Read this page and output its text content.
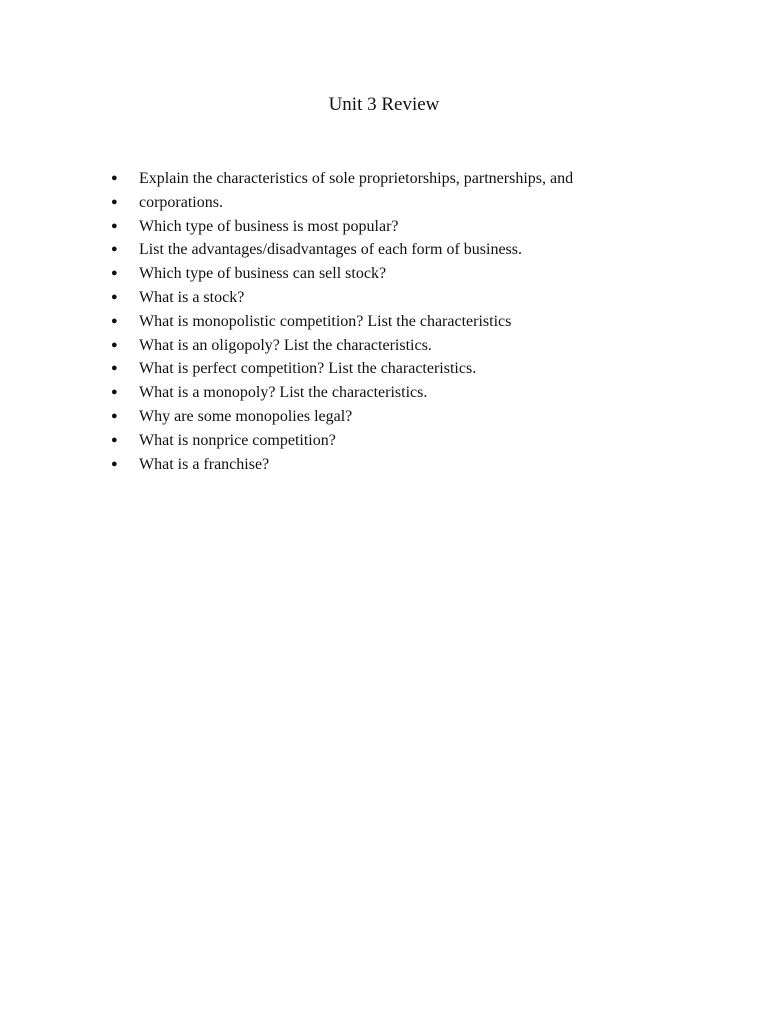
Unit 3 Review
●	Explain the characteristics of sole proprietorships, partnerships, and
●	corporations.
●	Which type of business is most popular?
●	List the advantages/disadvantages of each form of business.
●	Which type of business can sell stock?
●	What is a stock?
●	What is monopolistic competition? List the characteristics
●	What is an oligopoly? List the characteristics.
●	What is perfect competition? List the characteristics.
●	What is a monopoly? List the characteristics.
●	Why are some monopolies legal?
●	What is nonprice competition?
●	What is a franchise?
